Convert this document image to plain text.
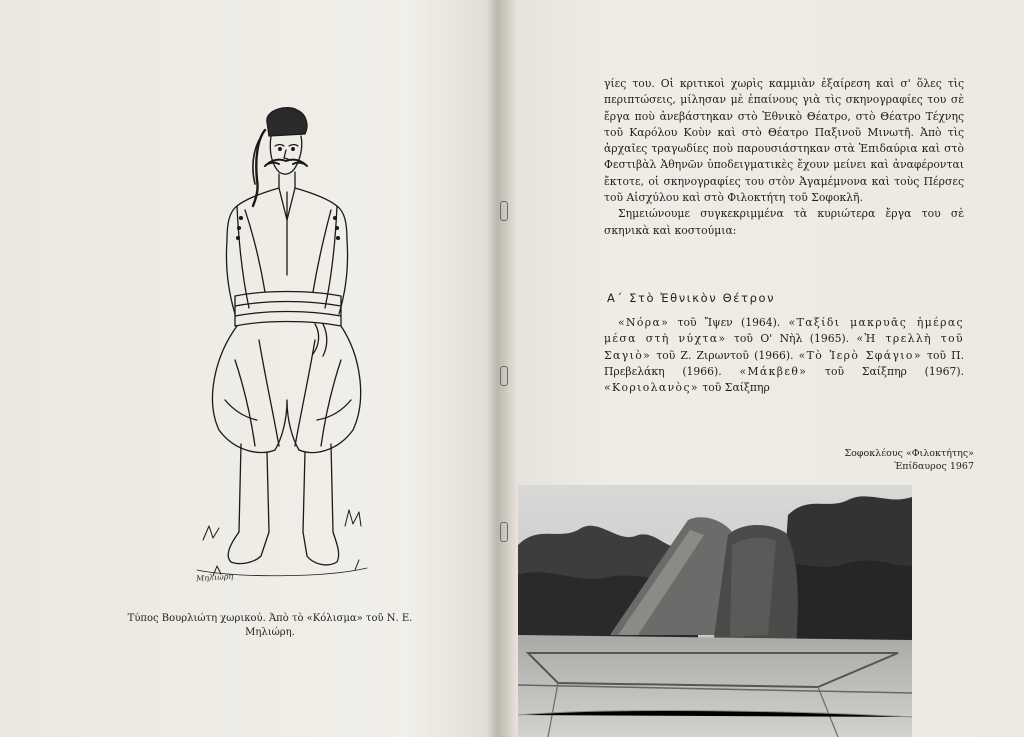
Μηλιώρη
Τύπος Βουρλιώτη χωρικού. Ἀπὸ τὸ «Κόλισμα» τοῦ Ν. Ε. Μηλιώρη.

γίες του. Οἱ κριτικοὶ χωρὶς καμμιὰν ἐξαίρεση καὶ σ' ὅλες τὶς περιπτώσεις, μίλησαν μὲ ἐπαίνους γιὰ τὶς σκηνογραφίες του σὲ ἔργα ποὺ ἀνεβάστηκαν στὸ Ἐθνικὸ Θέατρο, στὸ Θέατρο Τέχνης τοῦ Καρόλου Κοὺν καὶ στὸ Θέατρο Παξινοῦ Μινωτῆ. Ἀπὸ τὶς ἀρχαῖες τραγωδίες ποὺ παρουσιάστηκαν στὰ Ἐπιδαύρια καὶ στὸ Φεστιβὰλ Ἀθηνῶν ὑποδειγματικὲς ἔχουν μείνει καὶ ἀναφέρονται ἔκτοτε, οἱ σκηνογραφίες του στὸν Ἀγαμέμνονα καὶ τοὺς Πέρσες τοῦ Αἰσχύλου καὶ στὸ Φιλοκτήτη τοῦ Σοφοκλῆ.

Σημειώνουμε συγκεκριμμένα τὰ κυριώτερα ἔργα του σὲ σκηνικὰ καὶ κοστούμια:

Α΄ Στὸ Ἐθνικὸν Θέτρον
«Νόρα» τοῦ Ἴψεν (1964). «Ταξίδι μακρυᾶς ἡμέρας μέσα στὴ νύχτα» τοῦ Ο' Νὴλ (1965). «Ἡ τρελλὴ τοῦ Σαγιὸ» τοῦ Ζ. Ζιρωντοῦ (1966). «Τὸ Ἱερὸ Σφάγιο» τοῦ Π. Πρεβελάκη (1966). «Μάκβεθ» τοῦ Σαίξπηρ (1967). «Κοριολανὸς» τοῦ Σαίξπηρ
Σοφοκλέους «Φιλοκτήτης»
Ἐπίδαυρος 1967
